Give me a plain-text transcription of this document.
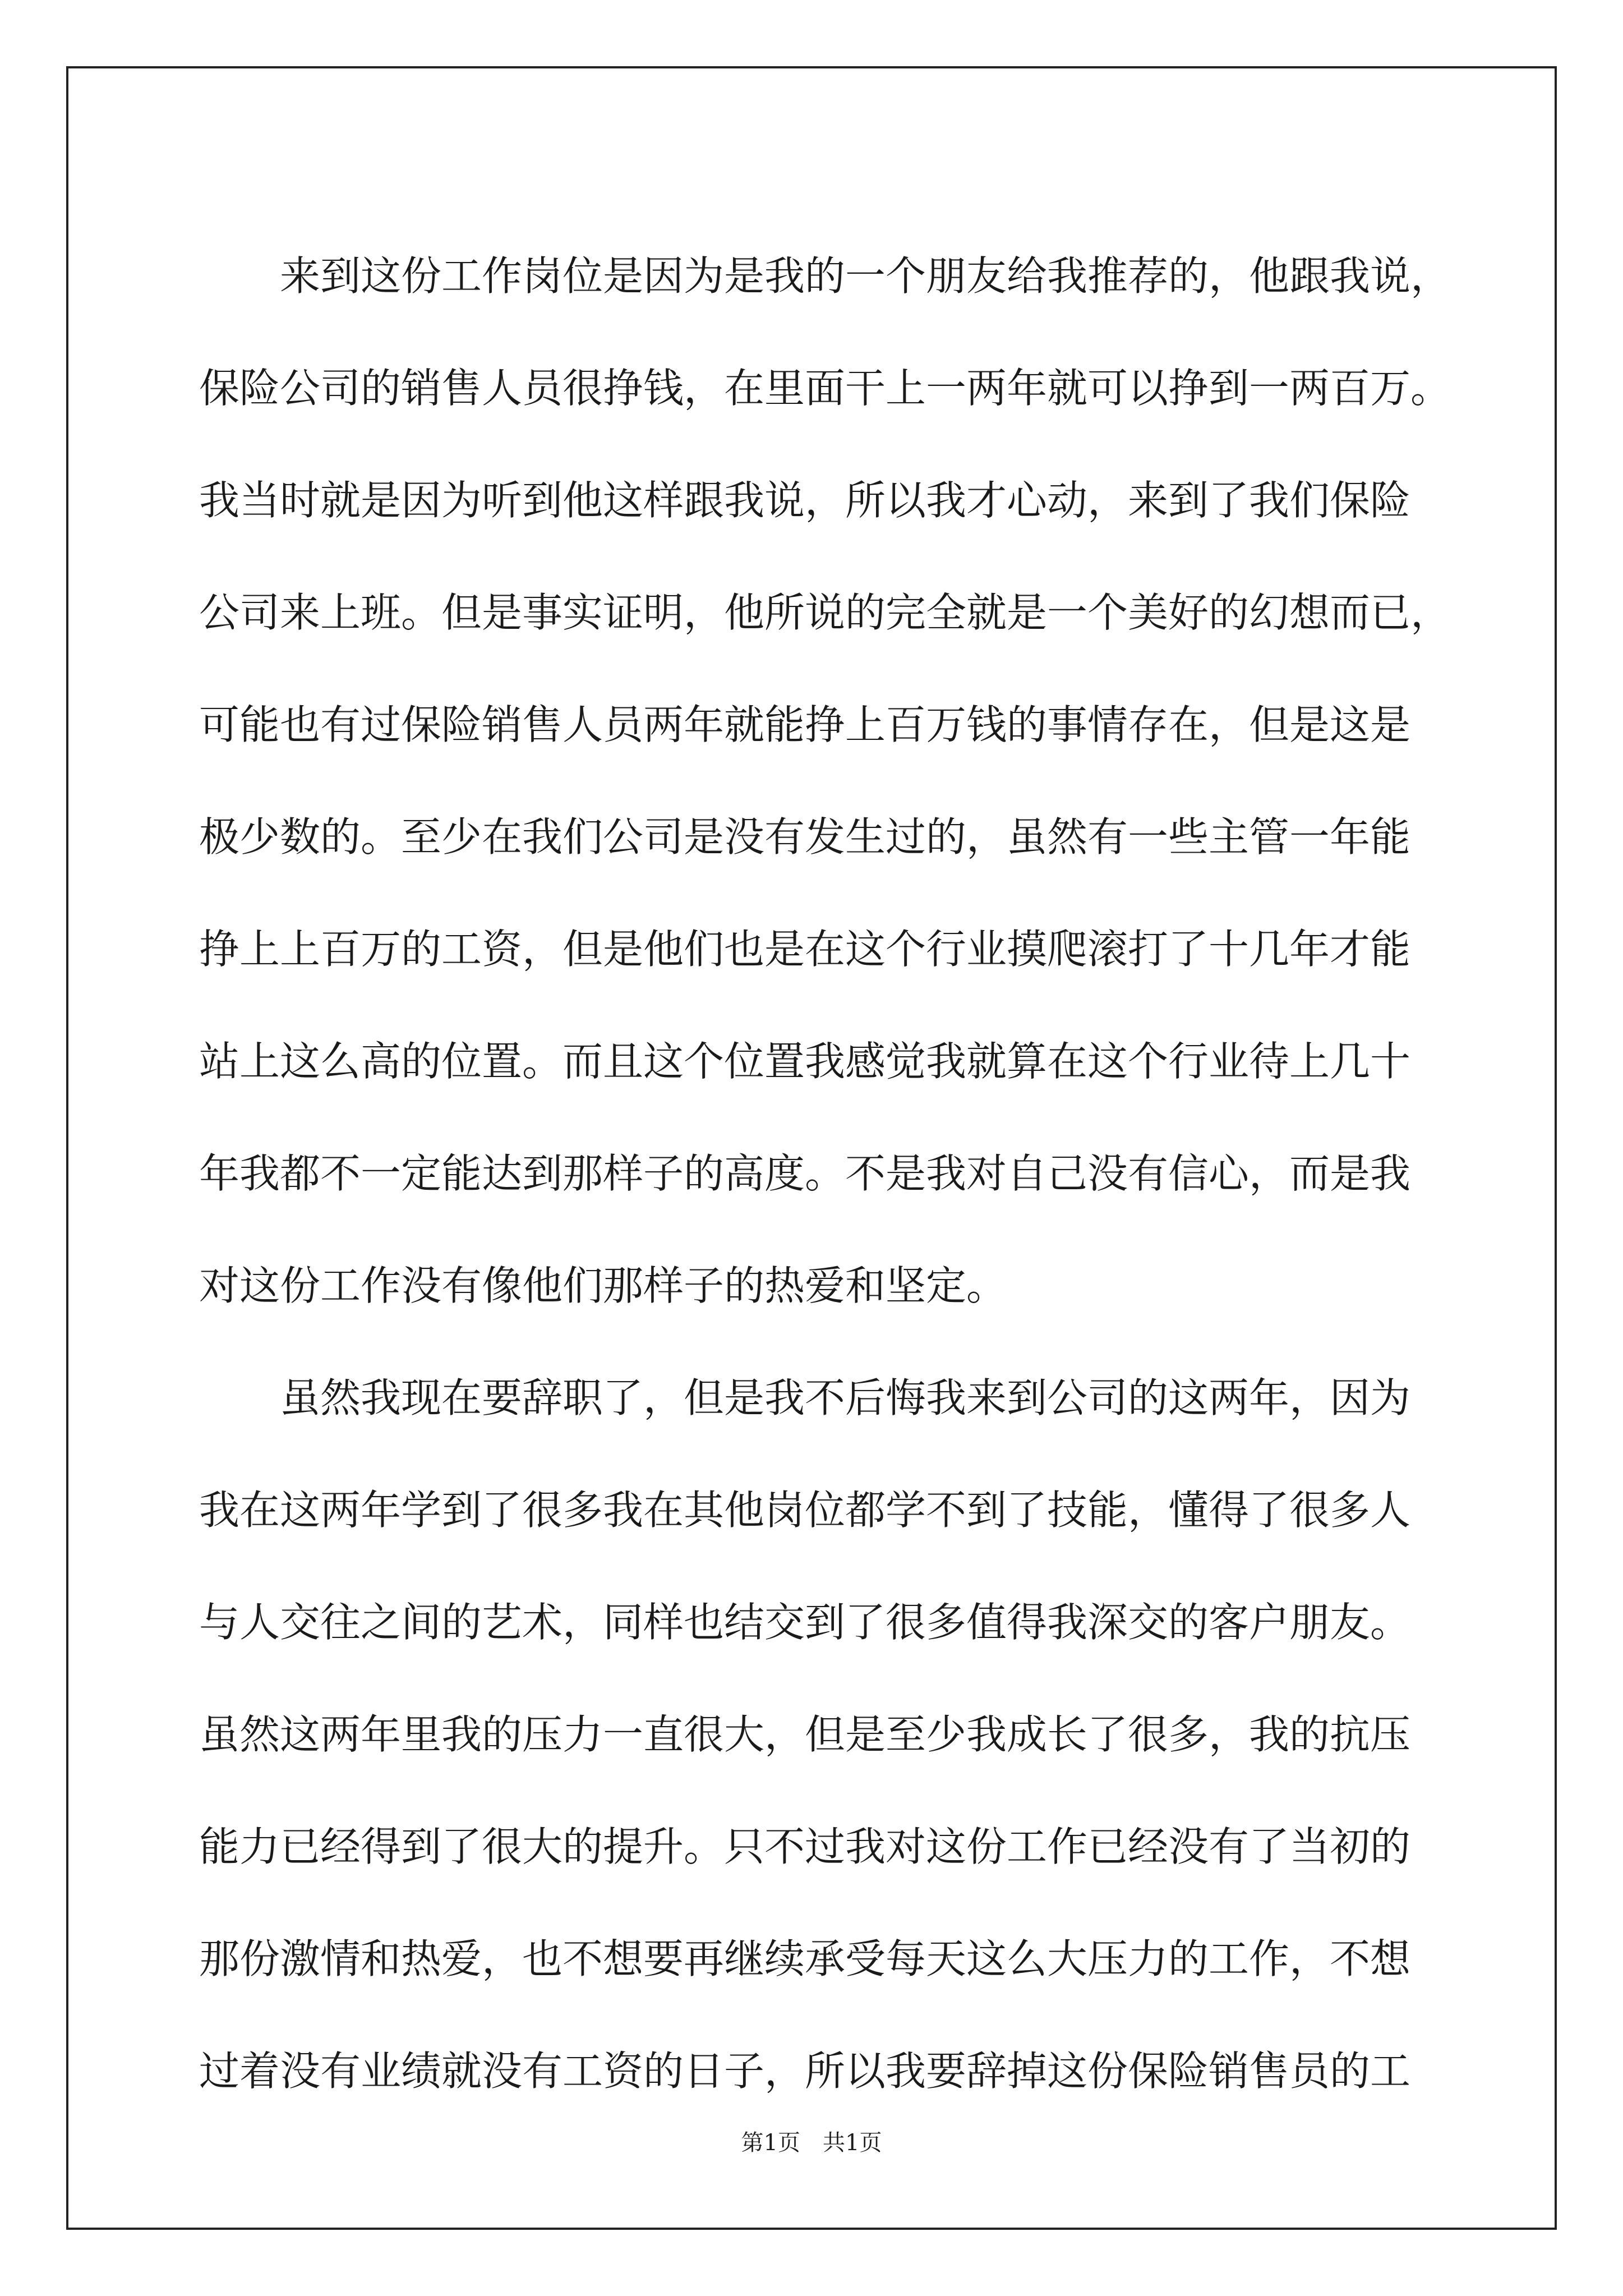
来到这份工作岗位是因为是我的一个朋友给我推荐的，他跟我说，
保险公司的销售人员很挣钱，在里面干上一两年就可以挣到一两百万。
我当时就是因为听到他这样跟我说，所以我才心动，来到了我们保险
公司来上班。但是事实证明，他所说的完全就是一个美好的幻想而已，
可能也有过保险销售人员两年就能挣上百万钱的事情存在，但是这是
极少数的。至少在我们公司是没有发生过的，虽然有一些主管一年能
挣上上百万的工资，但是他们也是在这个行业摸爬滚打了十几年才能
站上这么高的位置。而且这个位置我感觉我就算在这个行业待上几十
年我都不一定能达到那样子的高度。不是我对自己没有信心，而是我
对这份工作没有像他们那样子的热爱和坚定。
虽然我现在要辞职了，但是我不后悔我来到公司的这两年，因为
我在这两年学到了很多我在其他岗位都学不到了技能，懂得了很多人
与人交往之间的艺术，同样也结交到了很多值得我深交的客户朋友。
虽然这两年里我的压力一直很大，但是至少我成长了很多，我的抗压
能力已经得到了很大的提升。只不过我对这份工作已经没有了当初的
那份激情和热爱，也不想要再继续承受每天这么大压力的工作，不想
过着没有业绩就没有工资的日子，所以我要辞掉这份保险销售员的工
第1页　共1页
